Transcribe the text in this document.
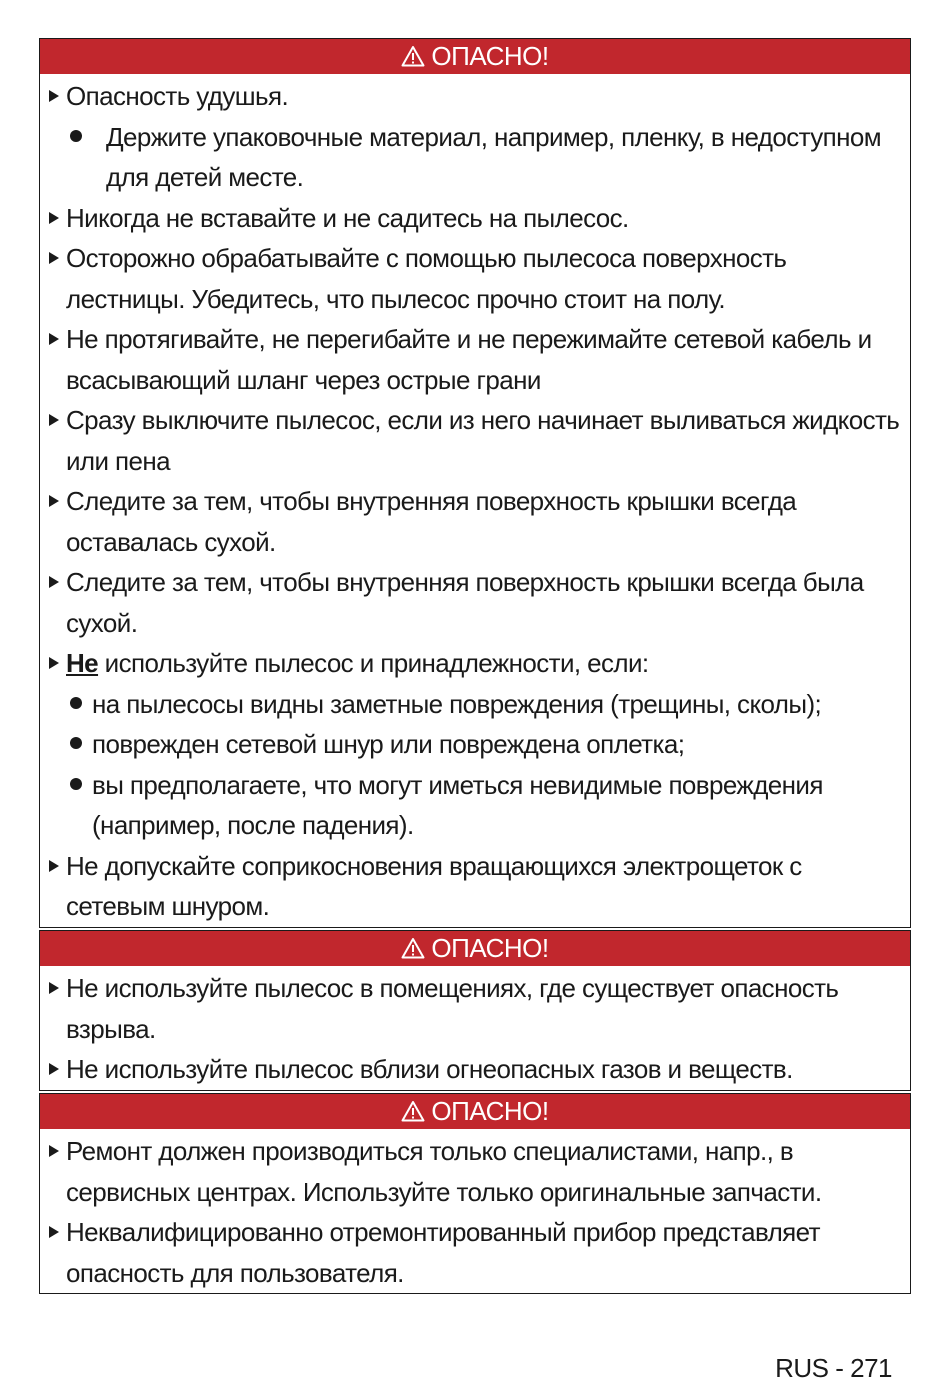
ОПАСНО!
Опасность удушья.
Держите упаковочные материал, например, пленку, в недоступном для детей месте.
Никогда не вставайте и не садитесь на пылесос.
Осторожно обрабатывайте с помощью пылесоса поверхность лестницы. Убедитесь, что пылесос прочно стоит на полу.
Не протягивайте, не перегибайте и не пережимайте сетевой кабель и всасывающий шланг через острые грани
Сразу выключите пылесос, если из него начинает выливаться жидкость или пена
Следите за тем, чтобы внутренняя поверхность крышки всегда оставалась сухой.
Следите за тем, чтобы внутренняя поверхность крышки всегда была сухой.
Не используйте пылесос и принадлежности, если:
на пылесосы видны заметные повреждения (трещины, сколы);
поврежден сетевой шнур или повреждена оплетка;
вы предполагаете, что могут иметься невидимые повреждения (например, после падения).
Не допускайте соприкосновения вращающихся электрощеток с сетевым шнуром.
ОПАСНО!
Не используйте пылесос в помещениях, где существует опасность взрыва.
Не используйте пылесос вблизи огнеопасных газов и веществ.
ОПАСНО!
Ремонт должен производиться только специалистами, напр., в сервисных центрах. Используйте только оригинальные запчасти.
Неквалифицированно отремонтированный прибор представляет опасность для пользователя.
RUS - 271
